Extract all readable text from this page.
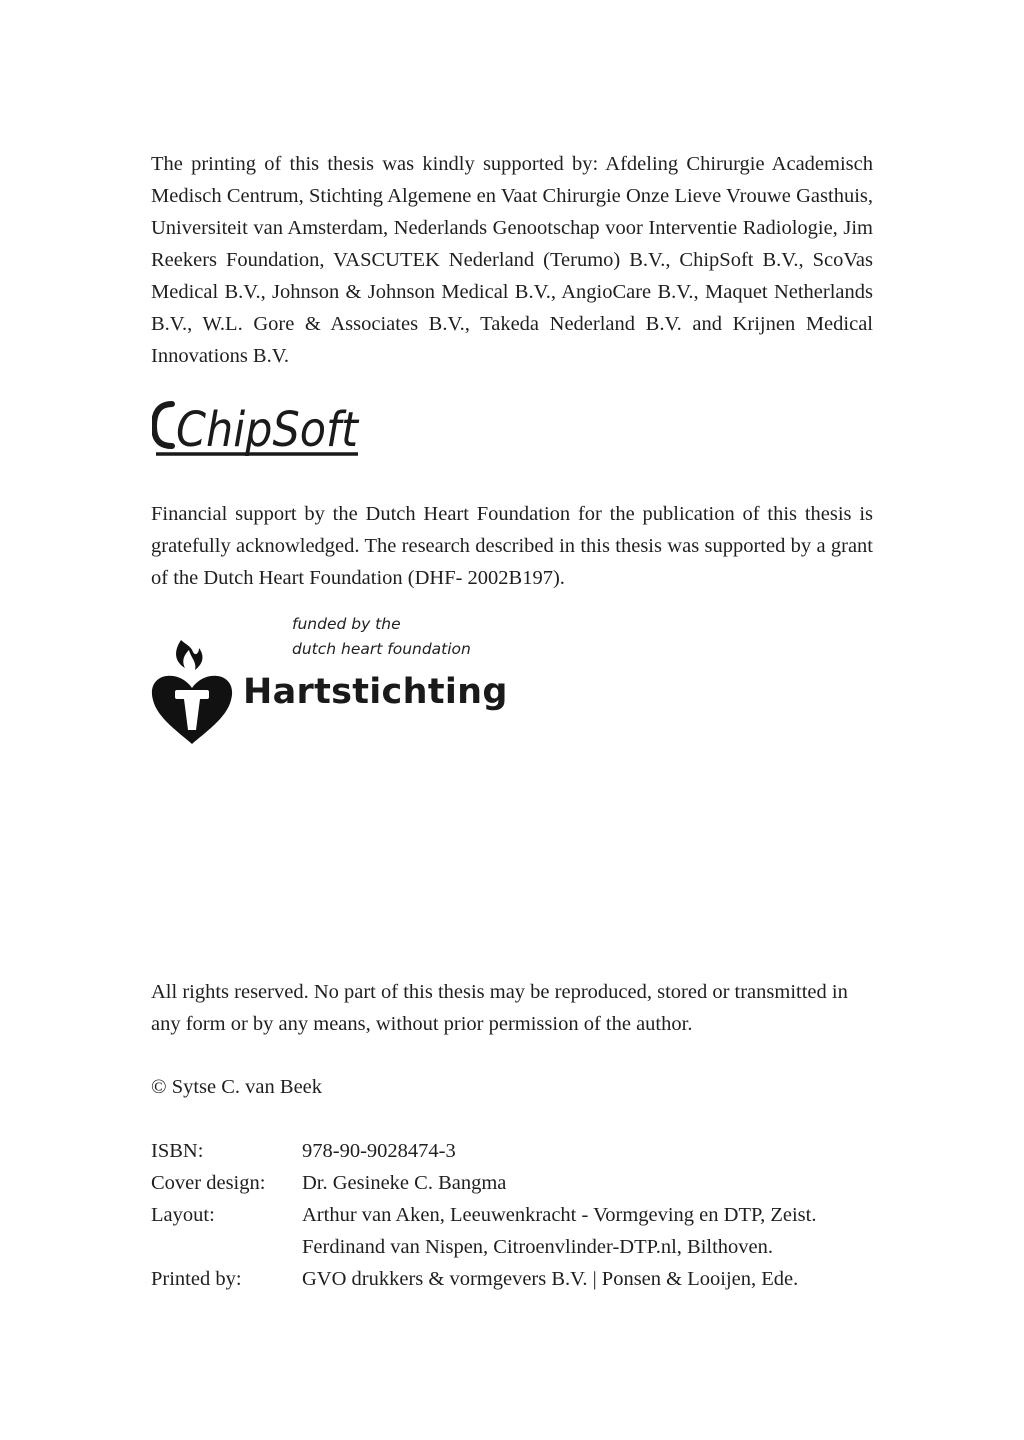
The printing of this thesis was kindly supported by: Afdeling Chirurgie Academisch Medisch Centrum, Stichting Algemene en Vaat Chirurgie Onze Lieve Vrouwe Gasthuis, Universiteit van Amsterdam, Nederlands Genootschap voor Interventie Radiologie, Jim Reekers Foundation, VASCUTEK Nederland (Terumo) B.V., ChipSoft B.V., ScoVas Medical B.V., Johnson & Johnson Medical B.V., AngioCare B.V., Maquet Netherlands B.V., W.L. Gore & Associates B.V., Takeda Nederland B.V. and Krijnen Medical Innovations B.V.

ChipSoft

Financial support by the Dutch Heart Foundation for the publication of this thesis is gratefully acknowledged. The research described in this thesis was supported by a grant of the Dutch Heart Foundation (DHF- 2002B197).

funded by the
dutch heart foundation
Hartstichting

All rights reserved. No part of this thesis may be reproduced, stored or transmitted in any form or by any means, without prior permission of the author.

© Sytse C. van Beek

ISBN:	978-90-9028474-3
Cover design:	Dr. Gesineke C. Bangma
Layout:	Arthur van Aken, Leeuwenkracht - Vormgeving en DTP, Zeist.
	Ferdinand van Nispen, Citroenvlinder-DTP.nl, Bilthoven.
Printed by:	GVO drukkers & vormgevers B.V. | Ponsen & Looijen, Ede.
